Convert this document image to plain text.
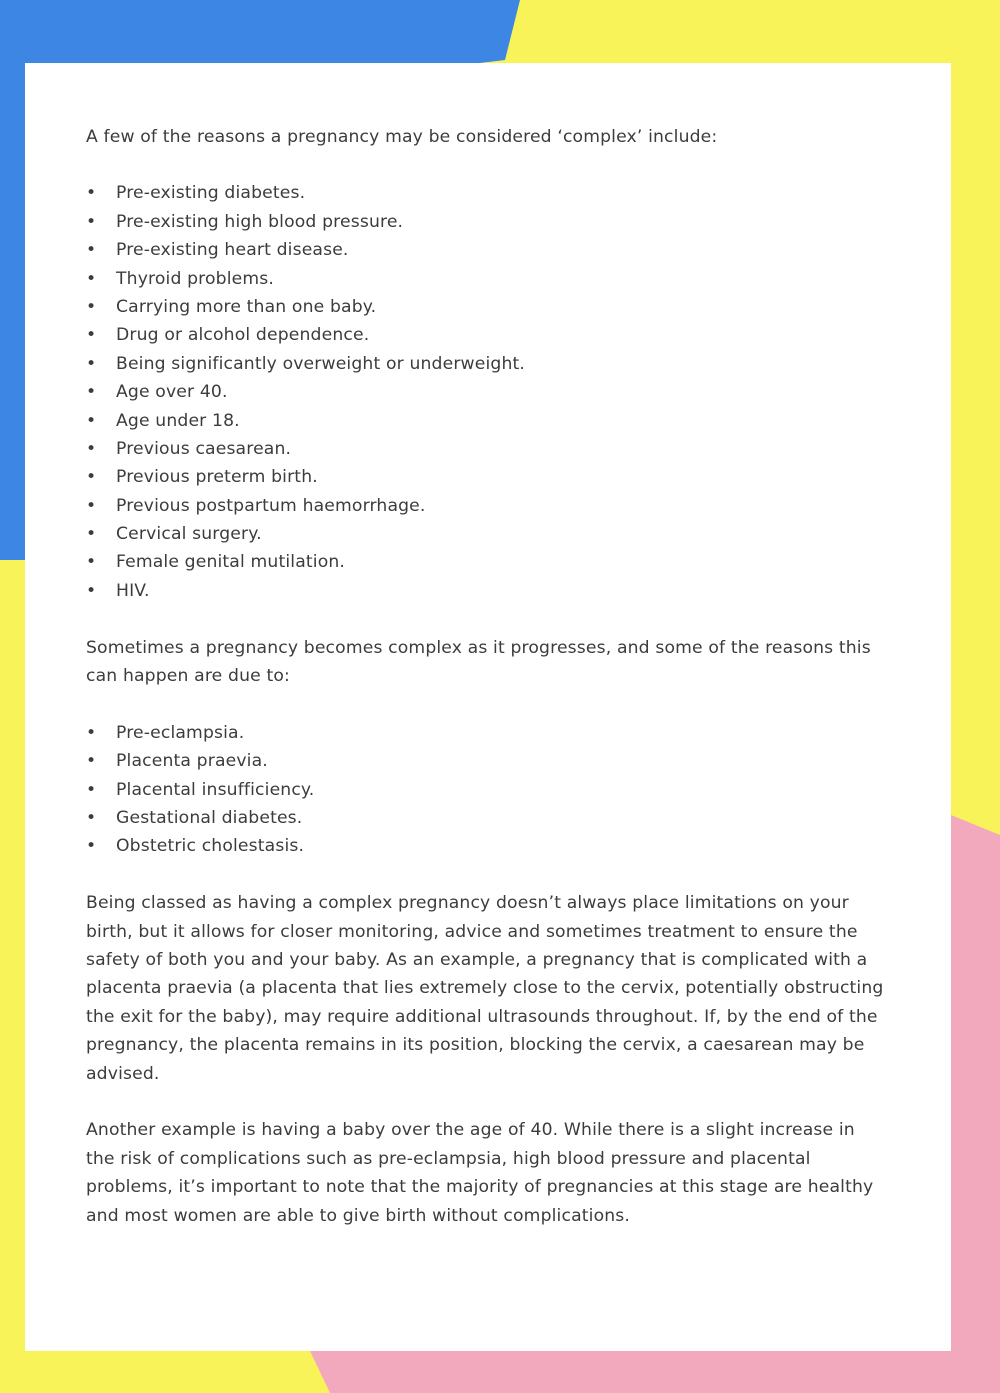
A few of the reasons a pregnancy may be considered ‘complex’ include:

• Pre-existing diabetes.
• Pre-existing high blood pressure.
• Pre-existing heart disease.
• Thyroid problems.
• Carrying more than one baby.
• Drug or alcohol dependence.
• Being significantly overweight or underweight.
• Age over 40.
• Age under 18.
• Previous caesarean.
• Previous preterm birth.
• Previous postpartum haemorrhage.
• Cervical surgery.
• Female genital mutilation.
• HIV.

Sometimes a pregnancy becomes complex as it progresses, and some of the reasons this can happen are due to:

• Pre-eclampsia.
• Placenta praevia.
• Placental insufficiency.
• Gestational diabetes.
• Obstetric cholestasis.

Being classed as having a complex pregnancy doesn’t always place limitations on your birth, but it allows for closer monitoring, advice and sometimes treatment to ensure the safety of both you and your baby. As an example, a pregnancy that is complicated with a placenta praevia (a placenta that lies extremely close to the cervix, potentially obstructing the exit for the baby), may require additional ultrasounds throughout. If, by the end of the pregnancy, the placenta remains in its position, blocking the cervix, a caesarean may be advised.

Another example is having a baby over the age of 40. While there is a slight increase in the risk of complications such as pre-eclampsia, high blood pressure and placental problems, it’s important to note that the majority of pregnancies at this stage are healthy and most women are able to give birth without complications.
